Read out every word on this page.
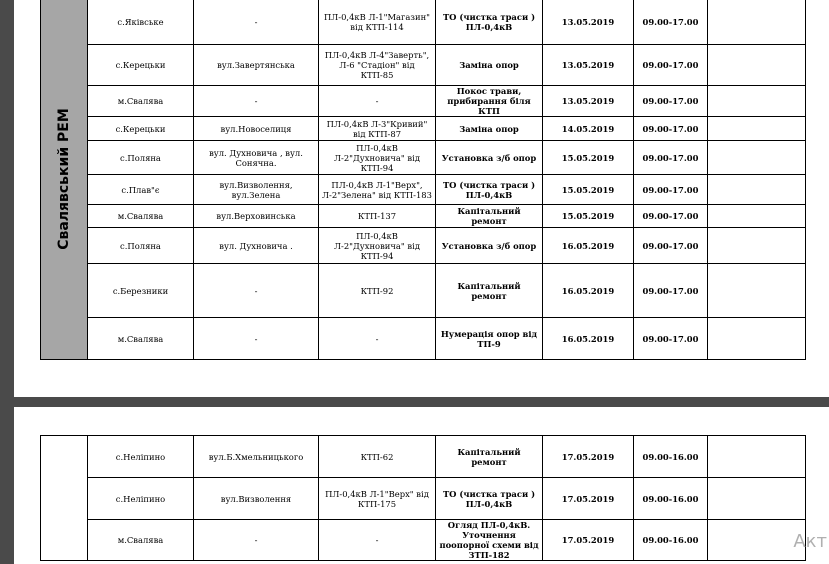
Свалявський РЕМ	с.Яківське	-	ПЛ-0,4кВ Л-1"Магазин" від КТП-114	ТО (чистка траси ) ПЛ-0,4кВ	13.05.2019	09.00-17.00	
	с.Керецьки	вул.Завертянська	ПЛ-0,4кВ Л-4"Заверть", Л-6 "Стадіон" від КТП-85	Заміна опор	13.05.2019	09.00-17.00	
	м.Свалява	-	-	Покос трави, прибирання біля КТП	13.05.2019	09.00-17.00	
	с.Керецьки	вул.Новоселиця	ПЛ-0,4кВ Л-3"Кривий" від КТП-87	Заміна опор	14.05.2019	09.00-17.00	
	с.Поляна	вул. Духновича , вул. Сонячна.	ПЛ-0,4кВ Л-2"Духновича" від КТП-94	Установка з/б опор	15.05.2019	09.00-17.00	
	с.Плав"є	вул.Визволення, вул.Зелена	ПЛ-0,4кВ Л-1"Верх", Л-2"Зелена" від КТП-183	ТО (чистка траси ) ПЛ-0,4кВ	15.05.2019	09.00-17.00	
	м.Свалява	вул.Верховинська	КТП-137	Капітальний ремонт	15.05.2019	09.00-17.00	
	с.Поляна	вул. Духновича .	ПЛ-0,4кВ Л-2"Духновича" від КТП-94	Установка з/б опор	16.05.2019	09.00-17.00	
	с.Березники	-	КТП-92	Капітальний ремонт	16.05.2019	09.00-17.00	
	м.Свалява	-	-	Нумерація опор від ТП-9	16.05.2019	09.00-17.00	
	с.Неліпино	вул.Б.Хмельницького	КТП-62	Капітальний ремонт	17.05.2019	09.00-16.00	
	с.Неліпино	вул.Визволення	ПЛ-0,4кВ Л-1"Верх" від КТП-175	ТО (чистка траси ) ПЛ-0,4кВ	17.05.2019	09.00-16.00	
	м.Свалява	-	-	Огляд ПЛ-0,4кВ. Уточнення поопорної схеми від ЗТП-182	17.05.2019	09.00-16.00		Акт
